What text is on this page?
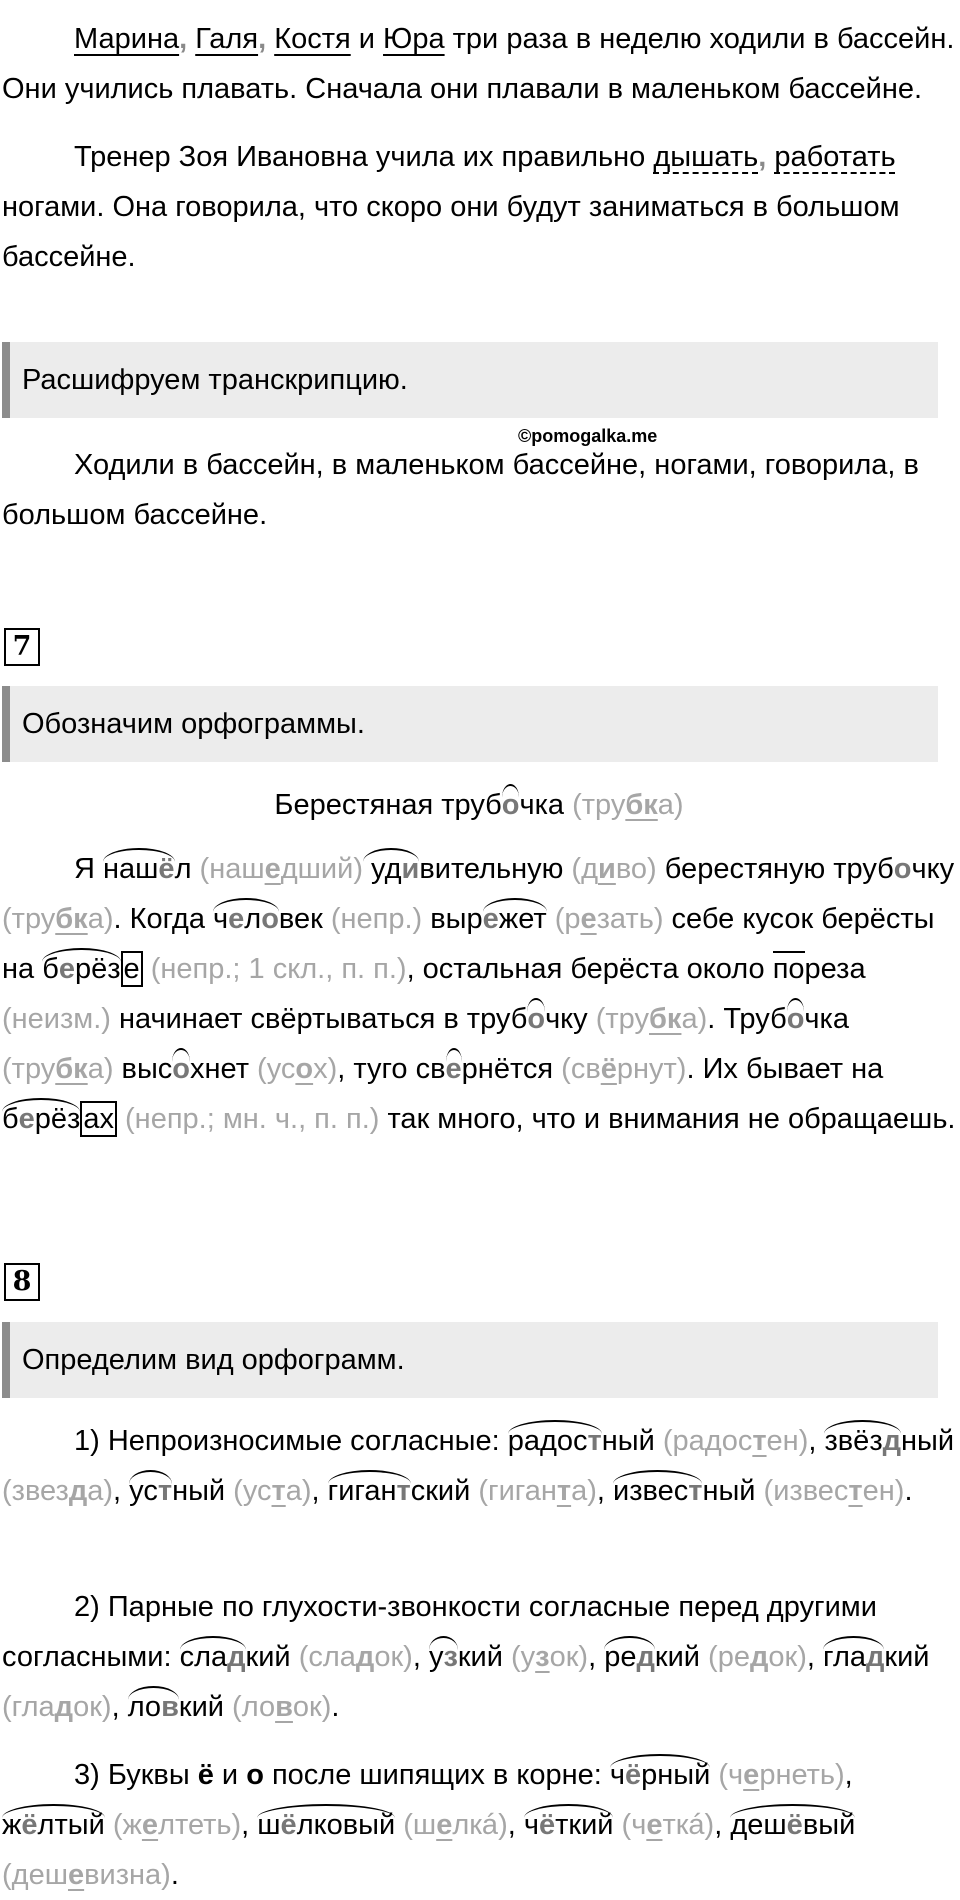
Марина, Галя, Костя и Юра три раза в неделю ходили в бассейн. Они учились плавать. Сначала они плавали в маленьком бассейне.

Тренер Зоя Ивановна учила их правильно дышать, работать ногами. Она говорила, что скоро они будут заниматься в большом бассейне.

Расшифруем транскрипцию.
©pomogalka.me

Ходили в бассейн, в маленьком бассейне, ногами, говорила, в большом бассейне.

7
Обозначим орфограммы.

Берестяная трубочка (трубка)

Я нашёл (нашедший) удивительную (диво) берестяную трубочку (трубка). Когда человек (непр.) вырежет (резать) себе кусок берёсты на берёз е (непр.; 1 скл., п. п.), остальная берёста около пореза (неизм.) начинает свёртываться в трубочку (трубка). Трубочка (трубка) высохнет (усох), туго свернётся (свёрнут). Их бывает на берёз ах (непр.; мн. ч., п. п.) так много, что и внимания не обращаешь.

8
Определим вид орфограмм.

1) Непроизносимые согласные: радостный (радостен), звёздный (звезда), устный (уста), гигантский (гиганта), известный (известен).

2) Парные по глухости-звонкости согласные перед другими согласными: сладкий (сладок), узкий (узок), редкий (редок), гладкий (гладок), ловкий (ловок).

3) Буквы ё и о после шипящих в корне: чёрный (чернеть), жёлтый (желтеть), шёлковый (шелкá), чёткий (четкá), дешёвый (дешевизна).
